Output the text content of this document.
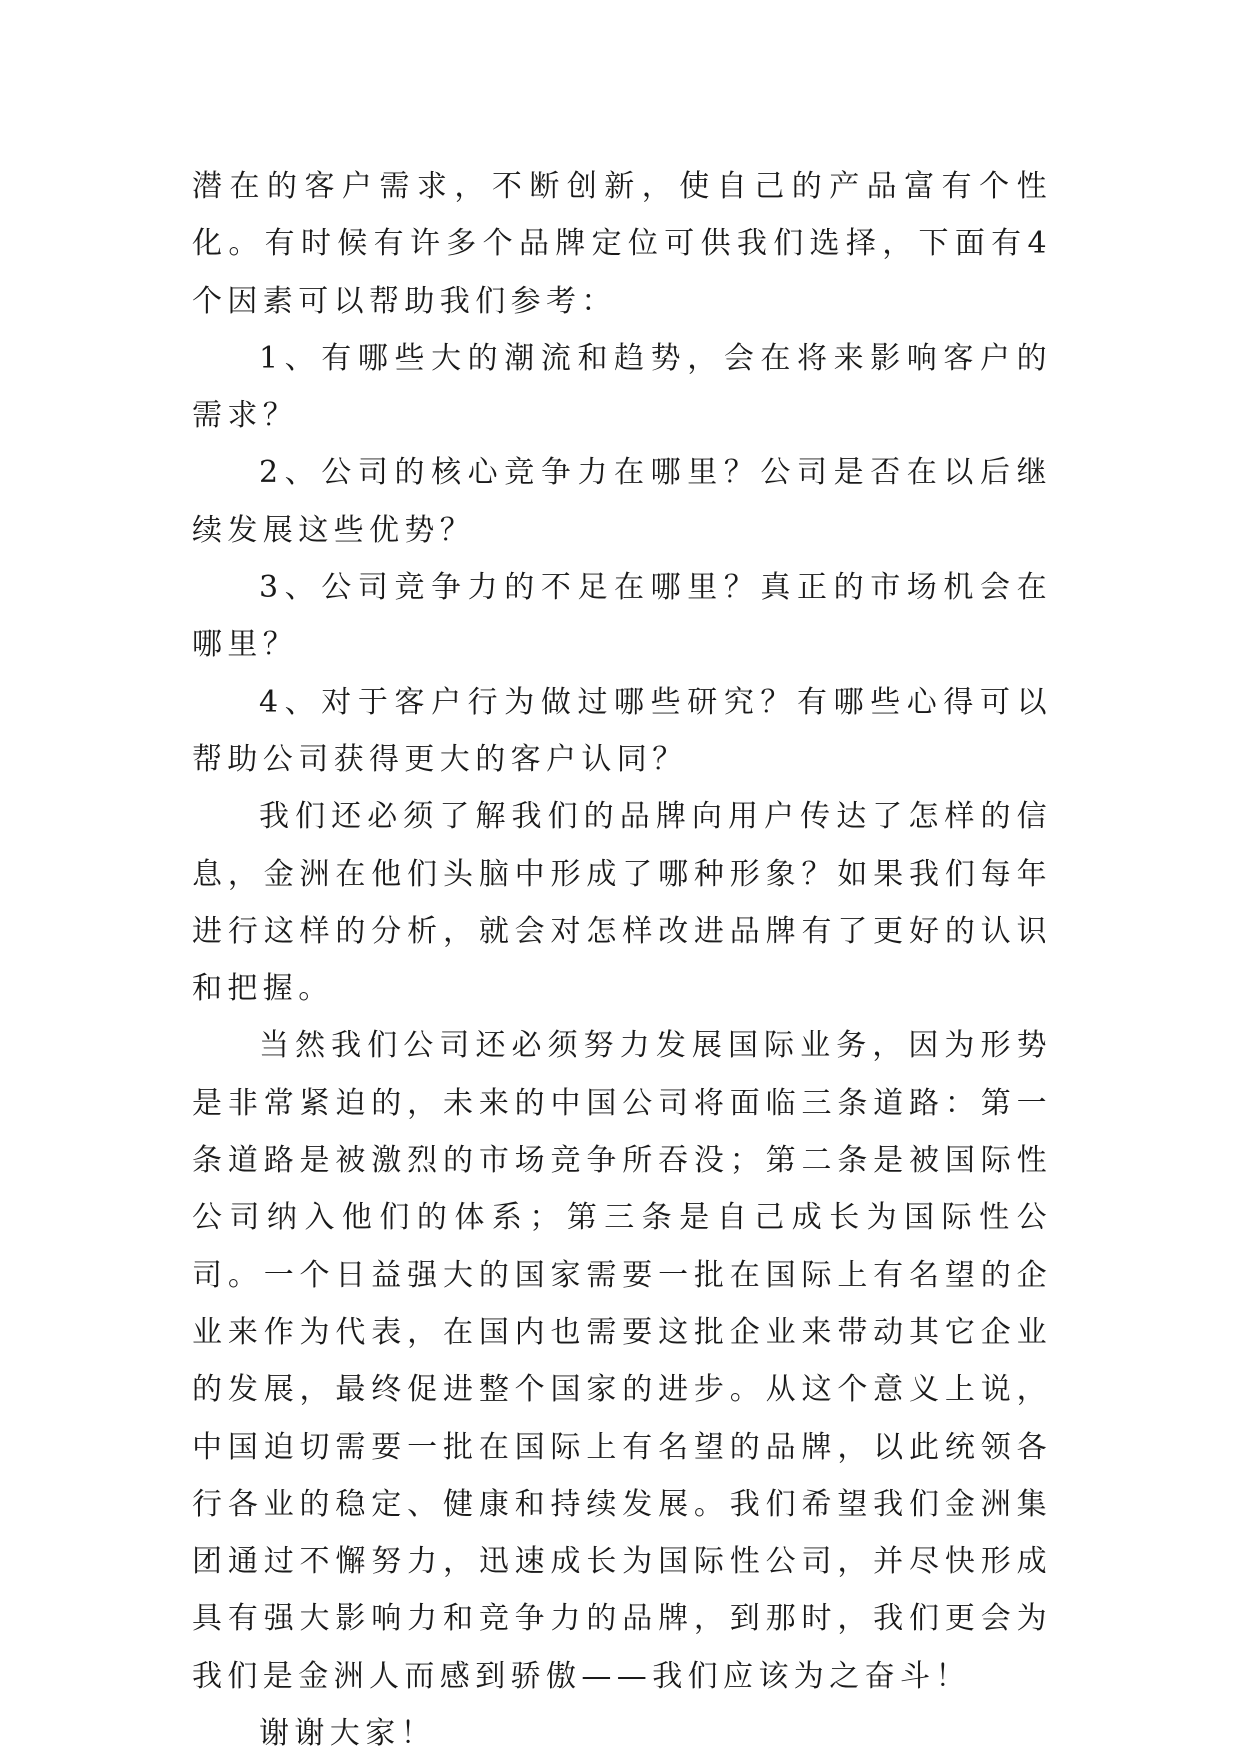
潜在的客户需求，不断创新，使自己的产品富有个性化。有时候有许多个品牌定位可供我们选择，下面有4个因素可以帮助我们参考：

1、有哪些大的潮流和趋势，会在将来影响客户的需求？

2、公司的核心竞争力在哪里？公司是否在以后继续发展这些优势？

3、公司竞争力的不足在哪里？真正的市场机会在哪里？

4、对于客户行为做过哪些研究？有哪些心得可以帮助公司获得更大的客户认同？

我们还必须了解我们的品牌向用户传达了怎样的信息，金洲在他们头脑中形成了哪种形象？如果我们每年进行这样的分析，就会对怎样改进品牌有了更好的认识和把握。

当然我们公司还必须努力发展国际业务，因为形势是非常紧迫的，未来的中国公司将面临三条道路：第一条道路是被激烈的市场竞争所吞没；第二条是被国际性公司纳入他们的体系；第三条是自己成长为国际性公司。一个日益强大的国家需要一批在国际上有名望的企业来作为代表，在国内也需要这批企业来带动其它企业的发展，最终促进整个国家的进步。从这个意义上说，中国迫切需要一批在国际上有名望的品牌，以此统领各行各业的稳定、健康和持续发展。我们希望我们金洲集团通过不懈努力，迅速成长为国际性公司，并尽快形成具有强大影响力和竞争力的品牌，到那时，我们更会为我们是金洲人而感到骄傲——我们应该为之奋斗！

谢谢大家！
